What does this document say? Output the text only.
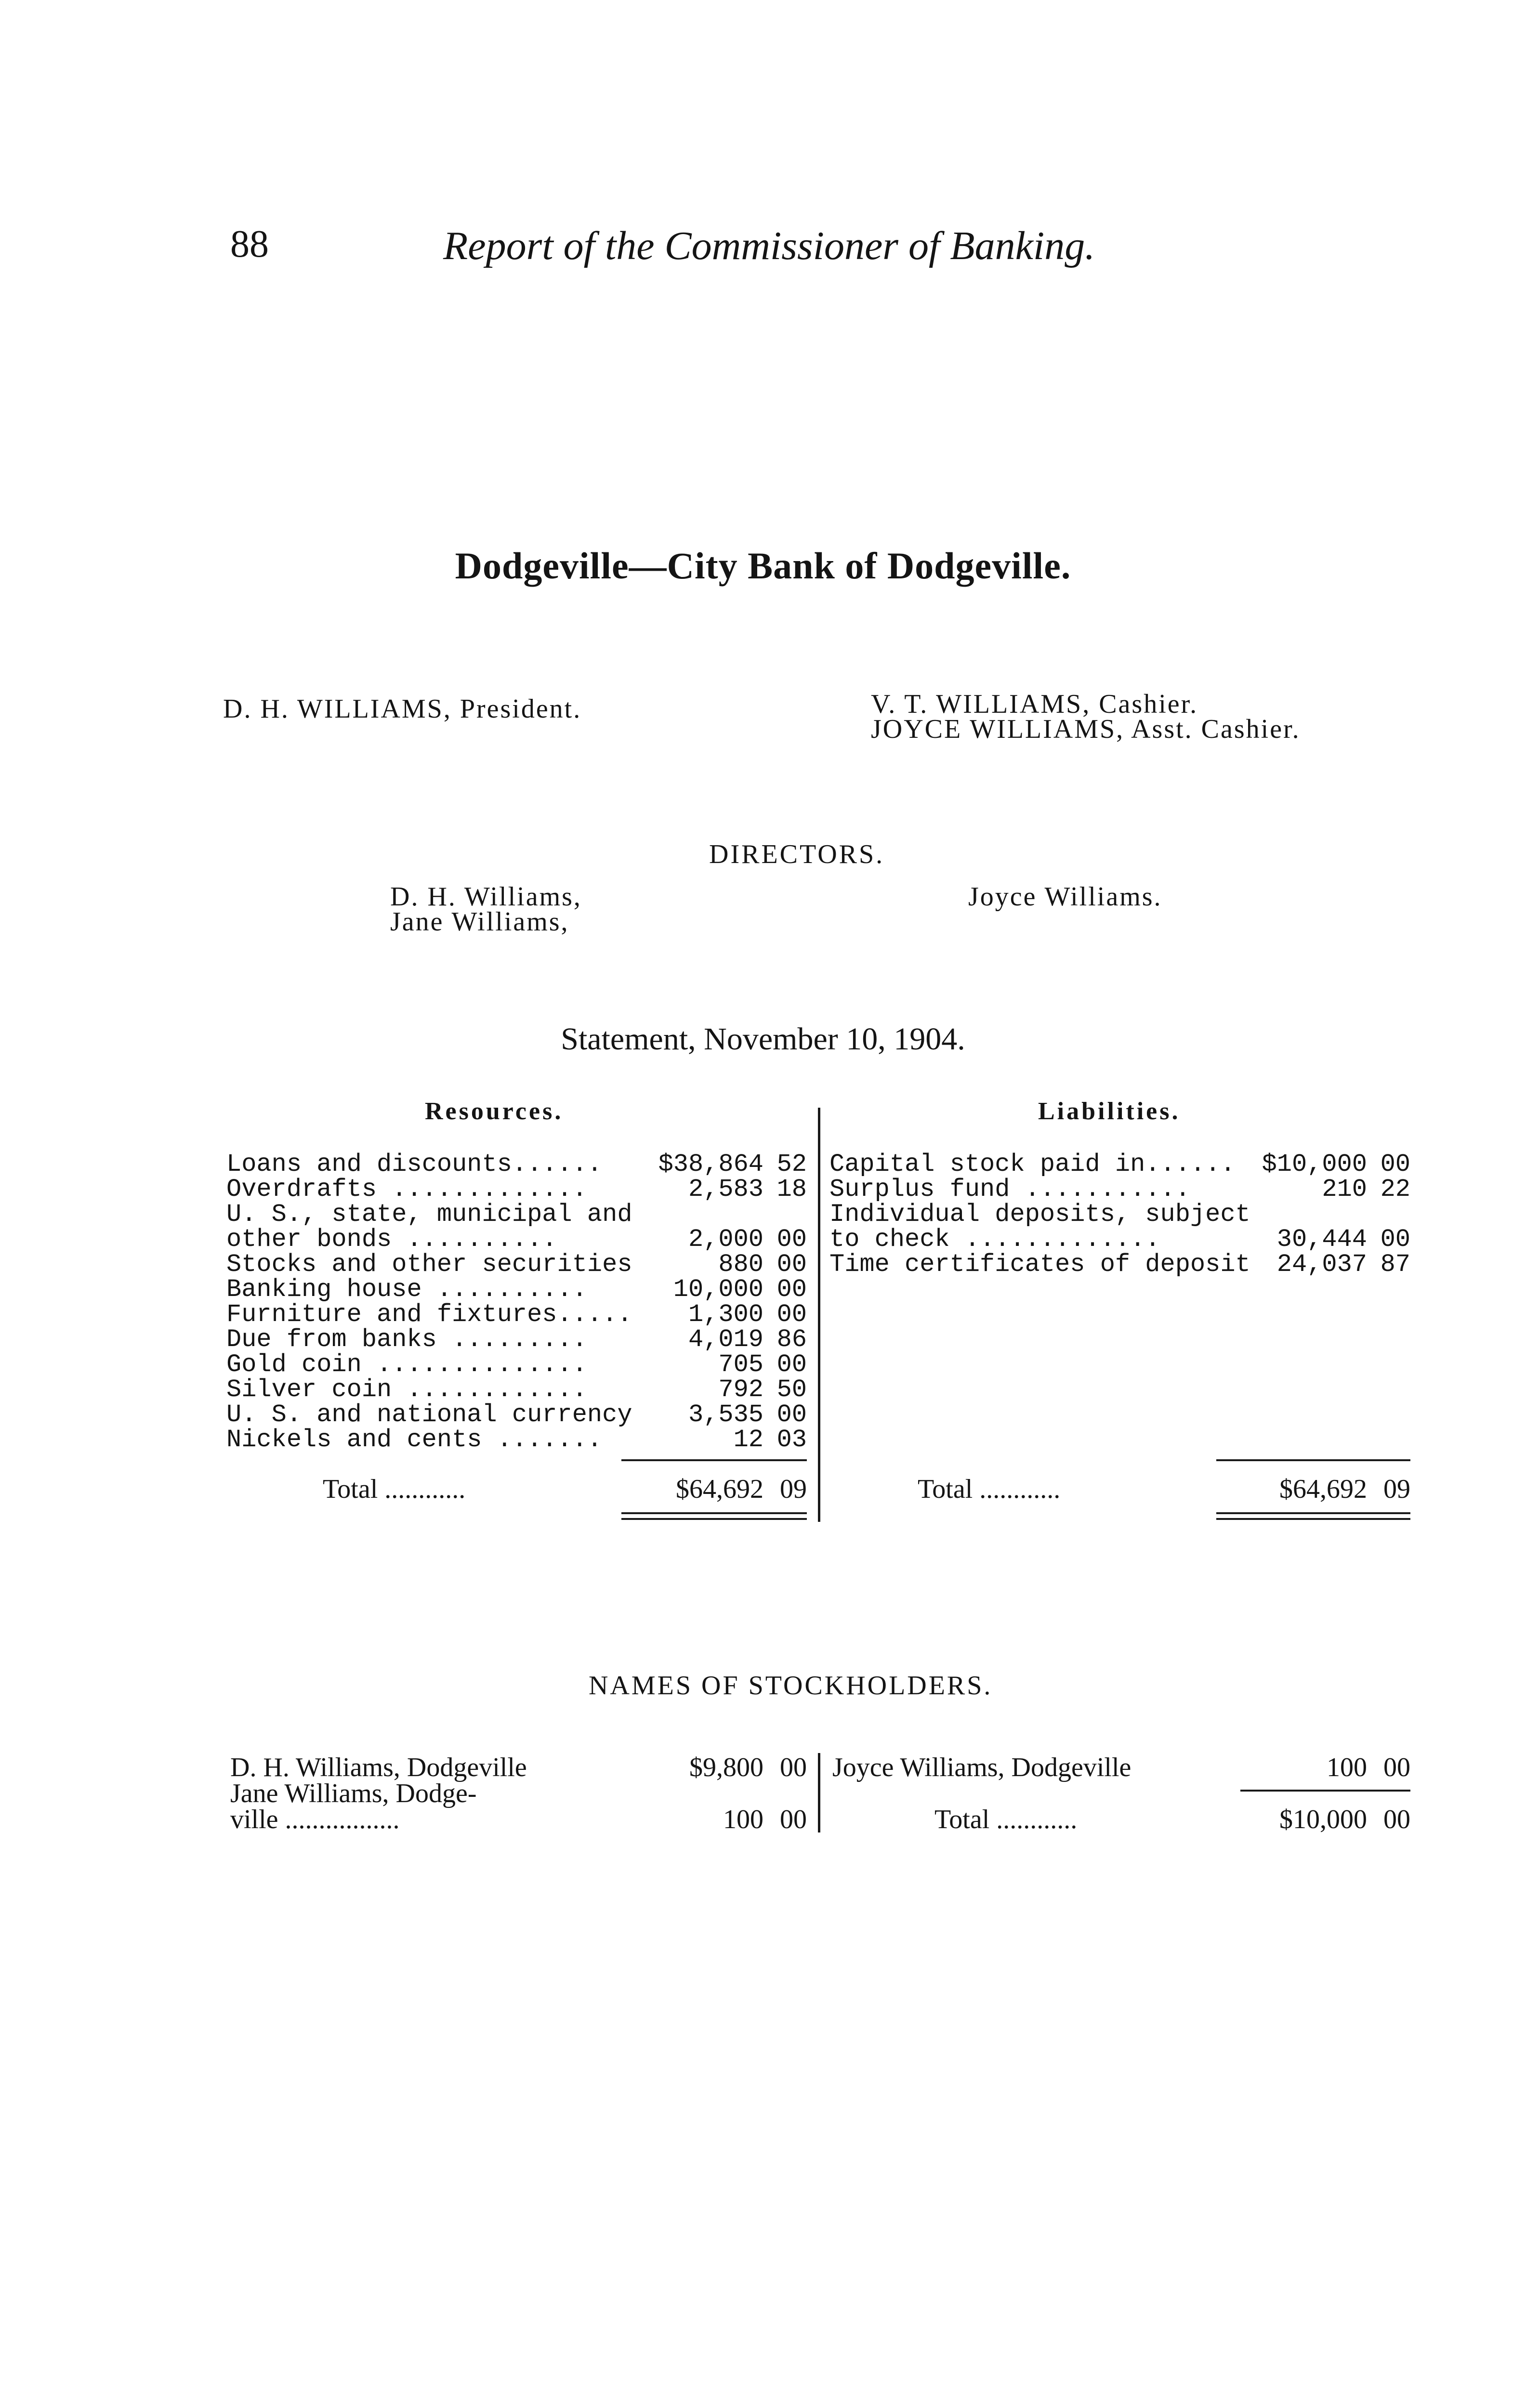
88	Report of the Commissioner of Banking.
Dodgeville—City Bank of Dodgeville.
D. H. WILLIAMS, President.	V. T. WILLIAMS, Cashier.
JOYCE WILLIAMS, Asst. Cashier.
DIRECTORS.
D. H. Williams,
Jane Williams,
Joyce Williams.
Statement, November 10, 1904.
Resources.	Liabilities.
Loans and discounts...... $38,864 52
Overdrafts .............	2,583 18
U. S., state, municipal and
other bonds ..........	2,000 00
Stocks and other securities	880 00
Banking house ..........	10,000 00
Furniture and fixtures..... 1,300 00
Due from banks .........	4,019 86
Gold coin ..............	705 00
Silver coin ............	792 50
U. S. and national currency 3,535 00
Nickels and cents .......	12 03
Total ............	$64,692 09
Capital stock paid in...... $10,000 00
Surplus fund ...........	210 22
Individual deposits, subject
to check .............	30,444 00
Time certificates of deposit 24,037 87
Total ............	$64,692 09
NAMES OF STOCKHOLDERS.
D. H. Williams, Dodgeville	$9,800 00
Jane Williams, Dodge-
ville .................	100 00
Joyce Williams, Dodgeville	100 00
Total ............	$10,000 00
